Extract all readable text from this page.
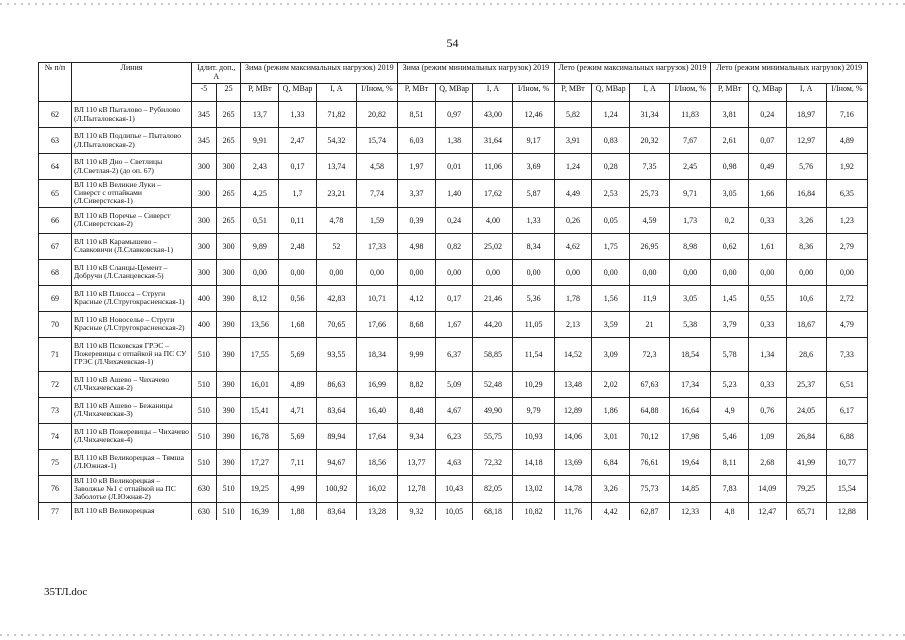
54
№ п/п	Линия	Iдлит. доп., А		Зима (режим максимальных нагрузок) 2019				Зима (режим минимальных нагрузок) 2019				Лето (режим максимальных нагрузок) 2019				Лето (режим минимальных нагрузок) 2019			
		-5	25	P, МВт	Q, МВар	I, А	I/Iном, %	P, МВт	Q, МВар	I, А	I/Iном, %	P, МВт	Q, МВар	I, А	I/Iном, %	P, МВт	Q, МВар	I, А	I/Iном, %
62	ВЛ 110 кВ Пыталово – Рубилово (Л.Пыталовская-1)	345	265	13,7	1,33	71,82	20,82	8,51	0,97	43,00	12,46	5,82	1,24	31,34	11,83	3,81	0,24	18,97	7,16
63	ВЛ 110 кВ Подлипье – Пыталово (Л.Пыталовская-2)	345	265	9,91	2,47	54,32	15,74	6,03	1,38	31,64	9,17	3,91	0,83	20,32	7,67	2,61	0,07	12,97	4,89
64	ВЛ 110 кВ Дно – Светлицы (Л.Светлая-2) (до оп. 67)	300	300	2,43	0,17	13,74	4,58	1,97	0,01	11,06	3,69	1,24	0,28	7,35	2,45	0,98	0,49	5,76	1,92
65	ВЛ 110 кВ Великие Луки – Сиверст с отпайками (Л.Сиверстская-1)	300	265	4,25	1,7	23,21	7,74	3,37	1,40	17,62	5,87	4,49	2,53	25,73	9,71	3,05	1,66	16,84	6,35
66	ВЛ 110 кВ Поречье – Сиверст (Л.Сиверстская-2)	300	265	0,51	0,11	4,78	1,59	0,39	0,24	4,00	1,33	0,26	0,05	4,59	1,73	0,2	0,33	3,26	1,23
67	ВЛ 110 кВ Карамышево – Славковичи (Л.Славковская-1)	300	300	9,89	2,48	52	17,33	4,98	0,82	25,02	8,34	4,62	1,75	26,95	8,98	0,62	1,61	8,36	2,79
68	ВЛ 110 кВ Сланцы-Цемент – Добручи (Л.Сланцевская-5)	300	300	0,00	0,00	0,00	0,00	0,00	0,00	0,00	0,00	0,00	0,00	0,00	0,00	0,00	0,00	0,00	0,00
69	ВЛ 110 кВ Плюсса – Струги Красные (Л.Стругокрасненская-1)	400	390	8,12	0,56	42,83	10,71	4,12	0,17	21,46	5,36	1,78	1,56	11,9	3,05	1,45	0,55	10,6	2,72
70	ВЛ 110 кВ Новоселье – Струги Красные (Л.Стругокрасненская-2)	400	390	13,56	1,68	70,65	17,66	8,68	1,67	44,20	11,05	2,13	3,59	21	5,38	3,79	0,33	18,67	4,79
71	ВЛ 110 кВ Псковская ГРЭС – Пожеревицы с отпайкой на ПС СУ ГРЭС (Л.Чихачевская-1)	510	390	17,55	5,69	93,55	18,34	9,99	6,37	58,85	11,54	14,52	3,09	72,3	18,54	5,78	1,34	28,6	7,33
72	ВЛ 110 кВ Ашево – Чихачево (Л.Чихачевская-2)	510	390	16,01	4,89	86,63	16,99	8,82	5,09	52,48	10,29	13,48	2,02	67,63	17,34	5,23	0,33	25,37	6,51
73	ВЛ 110 кВ Ашево – Бежаницы (Л.Чихачевская-3)	510	390	15,41	4,71	83,64	16,40	8,48	4,67	49,90	9,79	12,89	1,86	64,88	16,64	4,9	0,76	24,05	6,17
74	ВЛ 110 кВ Пожеревицы – Чихачево (Л.Чихачевская-4)	510	390	16,78	5,69	89,94	17,64	9,34	6,23	55,75	10,93	14,06	3,01	70,12	17,98	5,46	1,09	26,84	6,88
75	ВЛ 110 кВ Великорецкая – Тямша (Л.Южная-1)	510	390	17,27	7,11	94,67	18,56	13,77	4,63	72,32	14,18	13,69	6,84	76,61	19,64	8,11	2,68	41,99	10,77
76	ВЛ 110 кВ Великорецкая – Заволжье №1 с отпайкой на ПС Заболотье (Л.Южная-2)	630	510	19,25	4,99	100,92	16,02	12,78	10,43	82,05	13,02	14,78	3,26	75,73	14,85	7,83	14,09	79,25	15,54
77	ВЛ 110 кВ Великорецкая	630	510	16,39	1,88	83,64	13,28	9,32	10,05	68,18	10,82	11,76	4,42	62,87	12,33	4,8	12,47	65,71	12,88
35ТЛ.doc
